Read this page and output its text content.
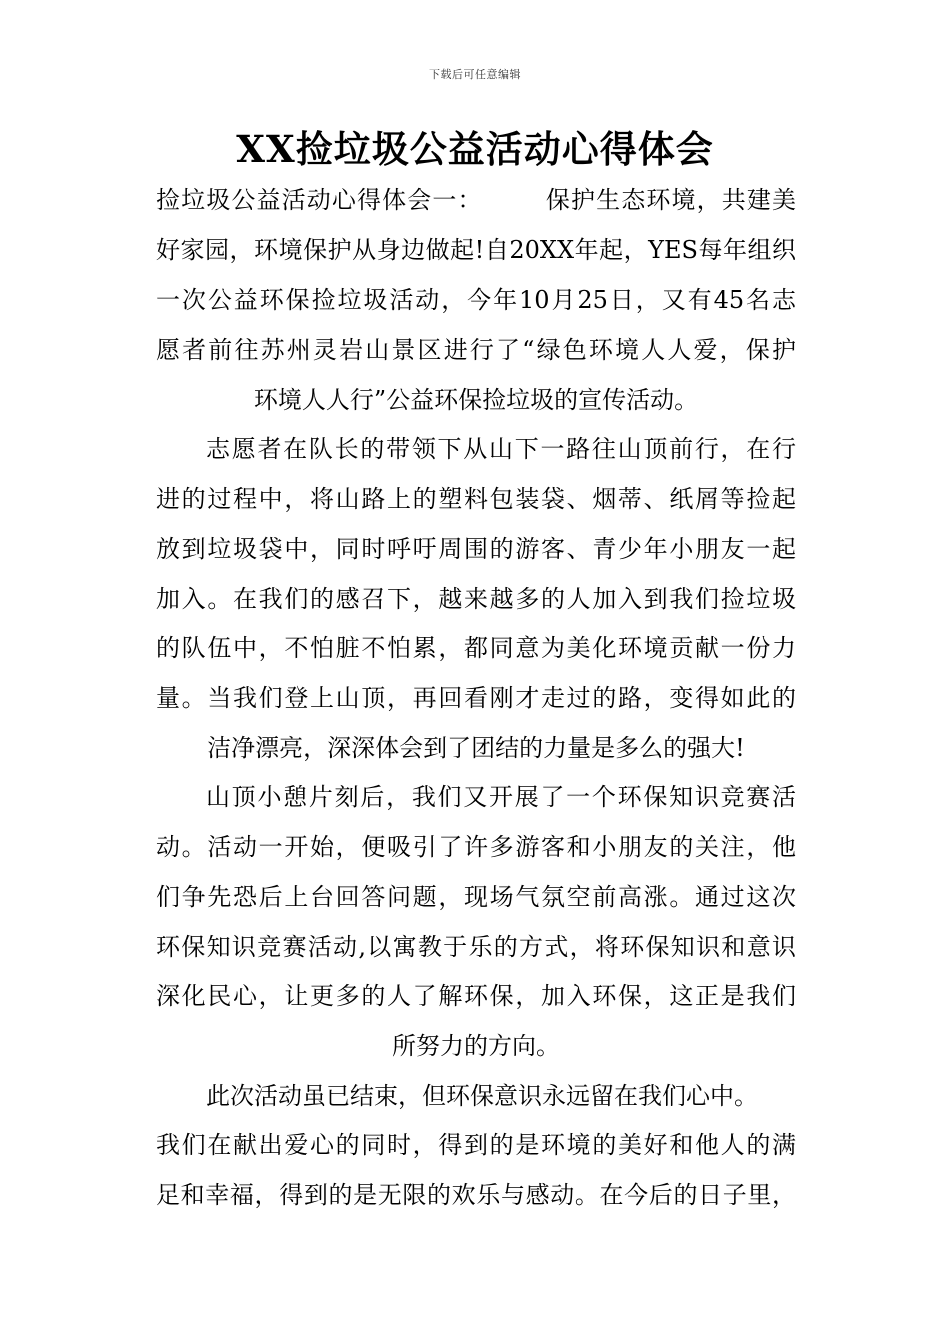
下载后可任意编辑
XX捡垃圾公益活动心得体会
捡垃圾公益活动心得体会一：　　　保护生态环境，共建美
好家园，环境保护从身边做起!自20XX年起，YES每年组织
一次公益环保捡垃圾活动，今年10月25日，又有45名志
愿者前往苏州灵岩山景区进行了“绿色环境人人爱，保护
环境人人行”公益环保捡垃圾的宣传活动。
志愿者在队长的带领下从山下一路往山顶前行，在行
进的过程中，将山路上的塑料包装袋、烟蒂、纸屑等捡起
放到垃圾袋中，同时呼吁周围的游客、青少年小朋友一起
加入。在我们的感召下，越来越多的人加入到我们捡垃圾
的队伍中，不怕脏不怕累，都同意为美化环境贡献一份力
量。当我们登上山顶，再回看刚才走过的路，变得如此的
洁净漂亮，深深体会到了团结的力量是多么的强大!
山顶小憩片刻后，我们又开展了一个环保知识竞赛活
动。活动一开始，便吸引了许多游客和小朋友的关注，他
们争先恐后上台回答问题，现场气氛空前高涨。通过这次
环保知识竞赛活动,以寓教于乐的方式，将环保知识和意识
深化民心，让更多的人了解环保，加入环保，这正是我们
所努力的方向。
此次活动虽已结束，但环保意识永远留在我们心中。
我们在献出爱心的同时，得到的是环境的美好和他人的满
足和幸福，得到的是无限的欢乐与感动。在今后的日子里，
